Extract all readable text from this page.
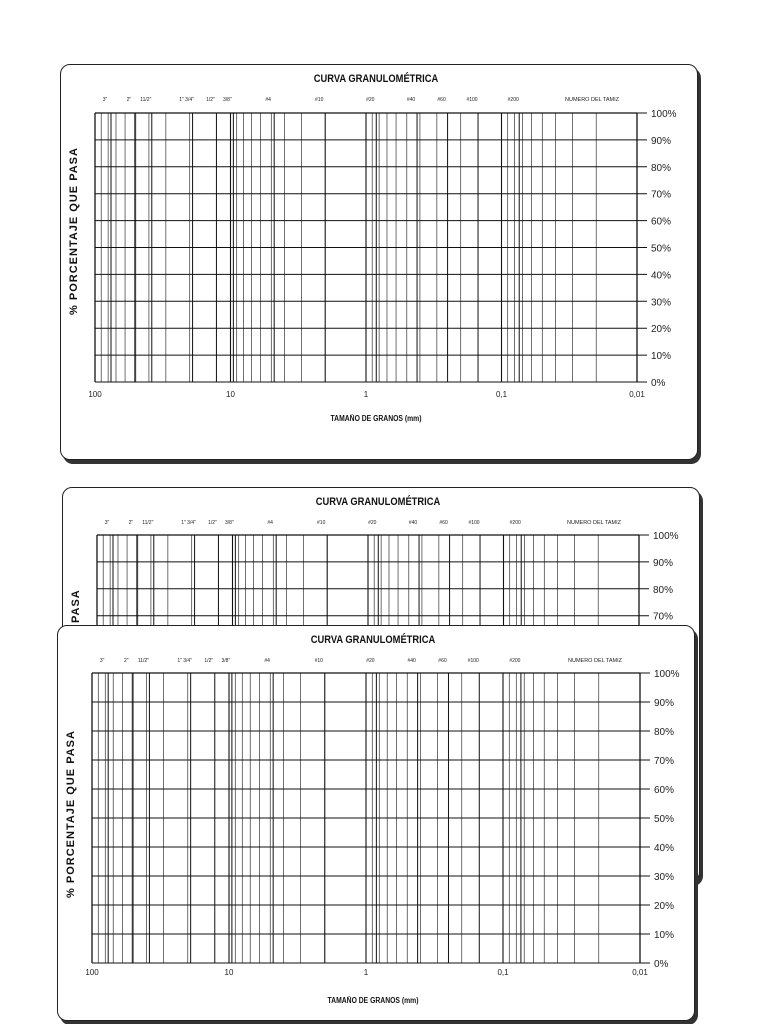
CURVA GRANULOMÉTRICA
3"	2" 11/2"	1" 3/4" 1/2" 3/8"	#4	#10	#20	#40	#60	#100	#200	NUMERO DEL TAMIZ
0%
10%
20%
30%
40%
50%
60%
70%
80%
90%
100%
100	10	1	0,1	0,01
% PORCENTAJE QUE PASA
TAMAÑO DE GRANOS (mm)
CURVA GRANULOMÉTRICA
3"	2" 11/2"	1" 3/4" 1/2" 3/8"	#4	#10	#20	#40	#60	#100	#200	NUMERO DEL TAMIZ
70%
80%
90%
100%
PASA
CURVA GRANULOMÉTRICA
3"	2" 11/2"	1" 3/4" 1/2" 3/8"	#4	#10	#20	#40	#60	#100	#200	NUMERO DEL TAMIZ
0%
10%
20%
30%
40%
50%
60%
70%
80%
90%
100%
100	10	1	0,1	0,01
% PORCENTAJE QUE PASA
TAMAÑO DE GRANOS (mm)
